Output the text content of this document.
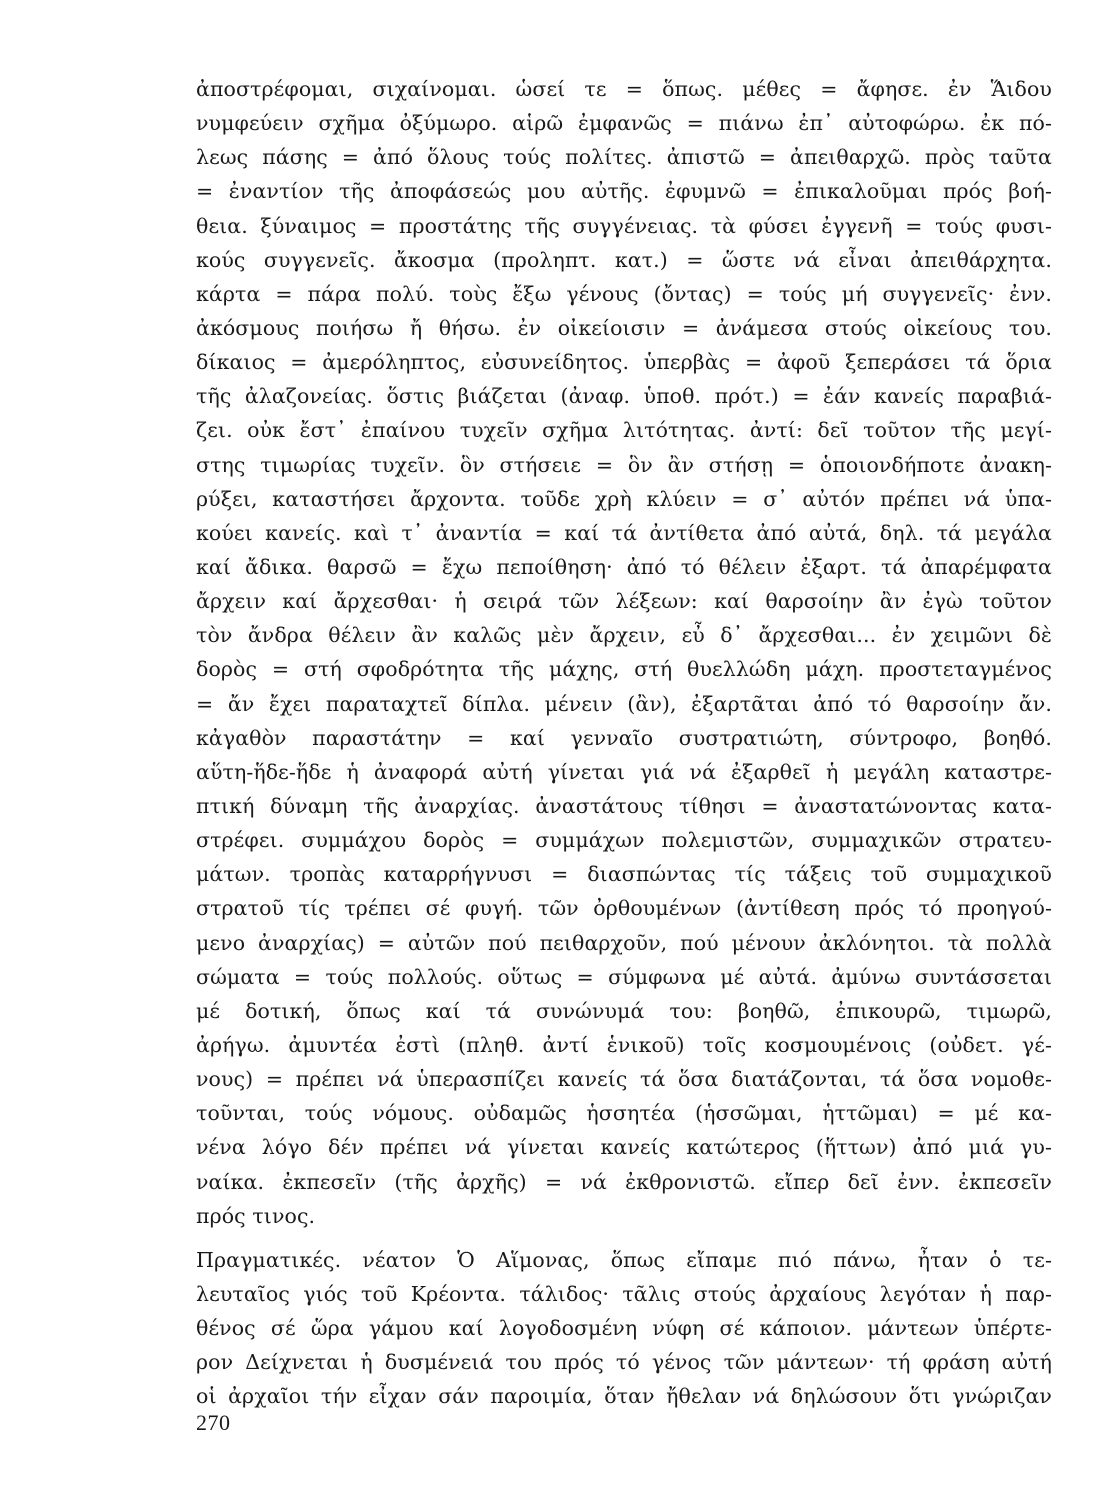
ἀποστρέφομαι, σιχαίνομαι. ὡσεί τε = ὅπως. μέθες = ἄφησε. ἐν Ἅιδου
νυμφεύειν σχῆμα ὀξύμωρο. αἱρῶ ἐμφανῶς = πιάνω ἐπ᾿ αὐτοφώρω. ἐκ πό-
λεως πάσης = ἀπό ὅλους τούς πολίτες. ἀπιστῶ = ἀπειθαρχῶ. πρὸς ταῦτα
= ἐναντίον τῆς ἀποφάσεώς μου αὐτῆς. ἐφυμνῶ = ἐπικαλοῦμαι πρός βοή-
θεια. ξύναιμος = προστάτης τῆς συγγένειας. τὰ φύσει ἐγγενῆ = τούς φυσι-
κούς συγγενεῖς. ἄκοσμα (προληπτ. κατ.) = ὥστε νά εἶναι ἀπειθάρχητα.
κάρτα = πάρα πολύ. τοὺς ἔξω γένους (ὄντας) = τούς μή συγγενεῖς· ἐνν.
ἀκόσμους ποιήσω ἤ θήσω. ἐν οἰκείοισιν = ἀνάμεσα στούς οἰκείους του.
δίκαιος = ἀμερόληπτος, εὐσυνείδητος. ὑπερβὰς = ἀφοῦ ξεπεράσει τά ὅρια
τῆς ἀλαζονείας. ὅστις βιάζεται (ἀναφ. ὑποθ. πρότ.) = ἐάν κανείς παραβιά-
ζει. οὐκ ἔστ᾿ ἐπαίνου τυχεῖν σχῆμα λιτότητας. ἀντί: δεῖ τοῦτον τῆς μεγί-
στης τιμωρίας τυχεῖν. ὃν στήσειε = ὃν ἂν στήσῃ = ὁποιονδήποτε ἀνακη-
ρύξει, καταστήσει ἄρχοντα. τοῦδε χρὴ κλύειν = σ᾿ αὐτόν πρέπει νά ὑπα-
κούει κανείς. καὶ τ᾿ ἀναντία = καί τά ἀντίθετα ἀπό αὐτά, δηλ. τά μεγάλα
καί ἄδικα. θαρσῶ = ἔχω πεποίθηση· ἀπό τό θέλειν ἐξαρτ. τά ἀπαρέμφατα
ἄρχειν καί ἄρχεσθαι· ἡ σειρά τῶν λέξεων: καί θαρσοίην ἂν ἐγὼ τοῦτον
τὸν ἄνδρα θέλειν ἂν καλῶς μὲν ἄρχειν, εὖ δ᾿ ἄρχεσθαι... ἐν χειμῶνι δὲ
δορὸς = στή σφοδρότητα τῆς μάχης, στή θυελλώδη μάχη. προστεταγμένος
= ἄν ἔχει παραταχτεῖ δίπλα. μένειν (ἂν), ἐξαρτᾶται ἀπό τό θαρσοίην ἄν.
κἀγαθὸν παραστάτην = καί γενναῖο συστρατιώτη, σύντροφο, βοηθό.
αὕτη-ἥδε-ἥδε ἡ ἀναφορά αὐτή γίνεται γιά νά ἐξαρθεῖ ἡ μεγάλη καταστρε-
πτική δύναμη τῆς ἀναρχίας. ἀναστάτους τίθησι = ἀναστατώνοντας κατα-
στρέφει. συμμάχου δορὸς = συμμάχων πολεμιστῶν, συμμαχικῶν στρατευ-
μάτων. τροπὰς καταρρήγνυσι = διασπώντας τίς τάξεις τοῦ συμμαχικοῦ
στρατοῦ τίς τρέπει σέ φυγή. τῶν ὀρθουμένων (ἀντίθεση πρός τό προηγού-
μενο ἀναρχίας) = αὐτῶν πού πειθαρχοῦν, πού μένουν ἀκλόνητοι. τὰ πολλὰ
σώματα = τούς πολλούς. οὕτως = σύμφωνα μέ αὐτά. ἀμύνω συντάσσεται
μέ δοτική, ὅπως καί τά συνώνυμά του: βοηθῶ, ἐπικουρῶ, τιμωρῶ,
ἀρήγω. ἀμυντέα ἐστὶ (πληθ. ἀντί ἑνικοῦ) τοῖς κοσμουμένοις (οὐδετ. γέ-
νους) = πρέπει νά ὑπερασπίζει κανείς τά ὅσα διατάζονται, τά ὅσα νομοθε-
τοῦνται, τούς νόμους. οὐδαμῶς ἡσσητέα (ἡσσῶμαι, ἡττῶμαι) = μέ κα-
νένα λόγο δέν πρέπει νά γίνεται κανείς κατώτερος (ἥττων) ἀπό μιά γυ-
ναίκα. ἐκπεσεῖν (τῆς ἀρχῆς) = νά ἐκθρονιστῶ. εἴπερ δεῖ ἐνν. ἐκπεσεῖν
πρός τινος.
Πραγματικές. νέατον Ὁ Αἵμονας, ὅπως εἴπαμε πιό πάνω, ἦταν ὁ τε-
λευταῖος γιός τοῦ Κρέοντα. τάλιδος· τᾶλις στούς ἀρχαίους λεγόταν ἡ παρ-
θένος σέ ὥρα γάμου καί λογοδοσμένη νύφη σέ κάποιον. μάντεων ὑπέρτε-
ρον Δείχνεται ἡ δυσμένειά του πρός τό γένος τῶν μάντεων· τή φράση αὐτή
οἱ ἀρχαῖοι τήν εἶχαν σάν παροιμία, ὅταν ἤθελαν νά δηλώσουν ὅτι γνώριζαν
270
